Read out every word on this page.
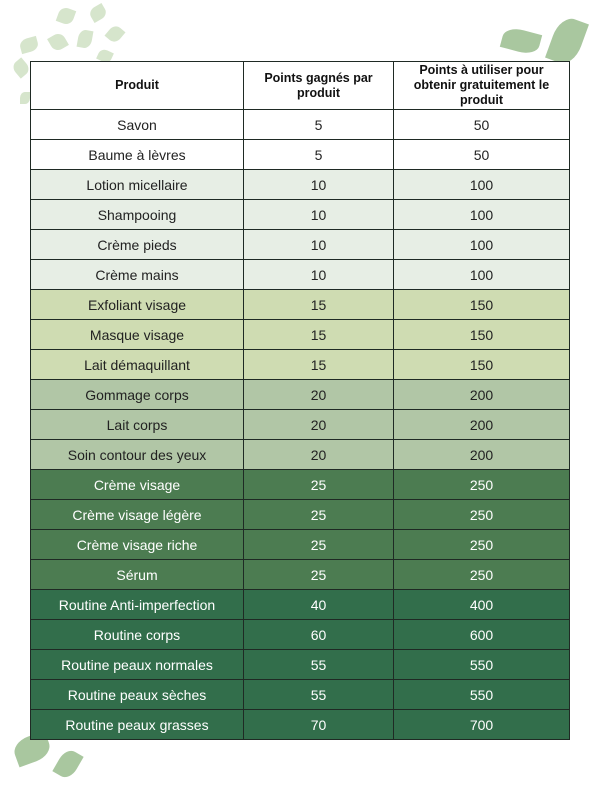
Produit	Points gagnés par produit	Points à utiliser pour obtenir gratuitement le produit
Savon	5	50
Baume à lèvres	5	50
Lotion micellaire	10	100
Shampooing	10	100
Crème pieds	10	100
Crème mains	10	100
Exfoliant visage	15	150
Masque visage	15	150
Lait démaquillant	15	150
Gommage corps	20	200
Lait corps	20	200
Soin contour des yeux	20	200
Crème visage	25	250
Crème visage légère	25	250
Crème visage riche	25	250
Sérum	25	250
Routine Anti-imperfection	40	400
Routine corps	60	600
Routine peaux normales	55	550
Routine peaux sèches	55	550
Routine peaux grasses	70	700
